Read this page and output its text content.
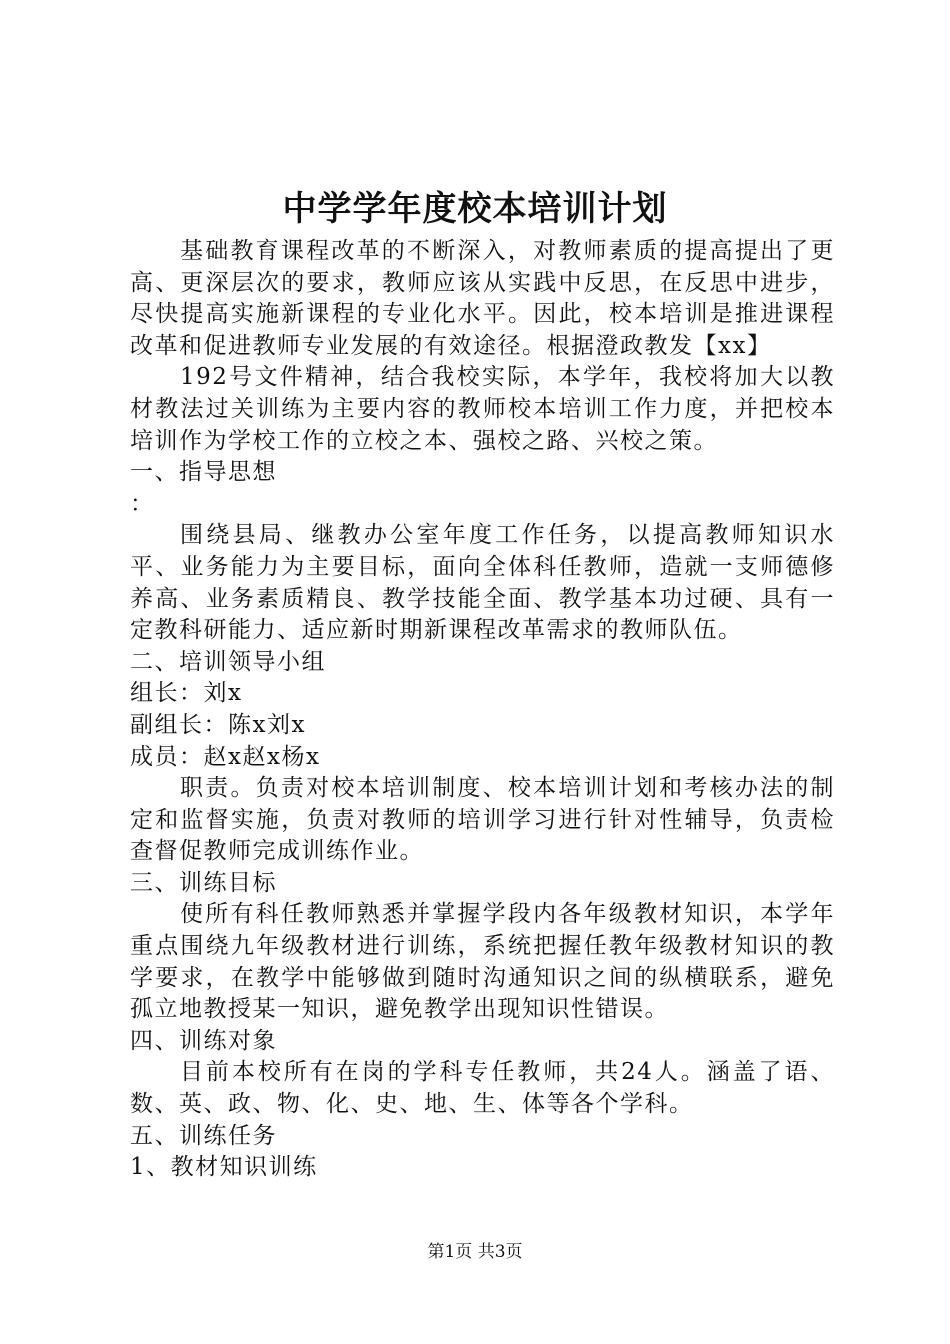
中学学年度校本培训计划

基础教育课程改革的不断深入，对教师素质的提高提出了更高、更深层次的要求，教师应该从实践中反思，在反思中进步，尽快提高实施新课程的专业化水平。因此，校本培训是推进课程改革和促进教师专业发展的有效途径。根据澄政教发【xx】

192号文件精神，结合我校实际，本学年，我校将加大以教材教法过关训练为主要内容的教师校本培训工作力度，并把校本培训作为学校工作的立校之本、强校之路、兴校之策。

一、指导思想

：

围绕县局、继教办公室年度工作任务，以提高教师知识水平、业务能力为主要目标，面向全体科任教师，造就一支师德修养高、业务素质精良、教学技能全面、教学基本功过硬、具有一定教科研能力、适应新时期新课程改革需求的教师队伍。

二、培训领导小组

组长：刘x

副组长：陈x刘x

成员：赵x赵x杨x

职责。负责对校本培训制度、校本培训计划和考核办法的制定和监督实施，负责对教师的培训学习进行针对性辅导，负责检查督促教师完成训练作业。

三、训练目标

使所有科任教师熟悉并掌握学段内各年级教材知识，本学年重点围绕九年级教材进行训练，系统把握任教年级教材知识的教学要求，在教学中能够做到随时沟通知识之间的纵横联系，避免孤立地教授某一知识，避免教学出现知识性错误。

四、训练对象

目前本校所有在岗的学科专任教师，共24人。涵盖了语、数、英、政、物、化、史、地、生、体等各个学科。

五、训练任务

1、教材知识训练

第1页 共3页
